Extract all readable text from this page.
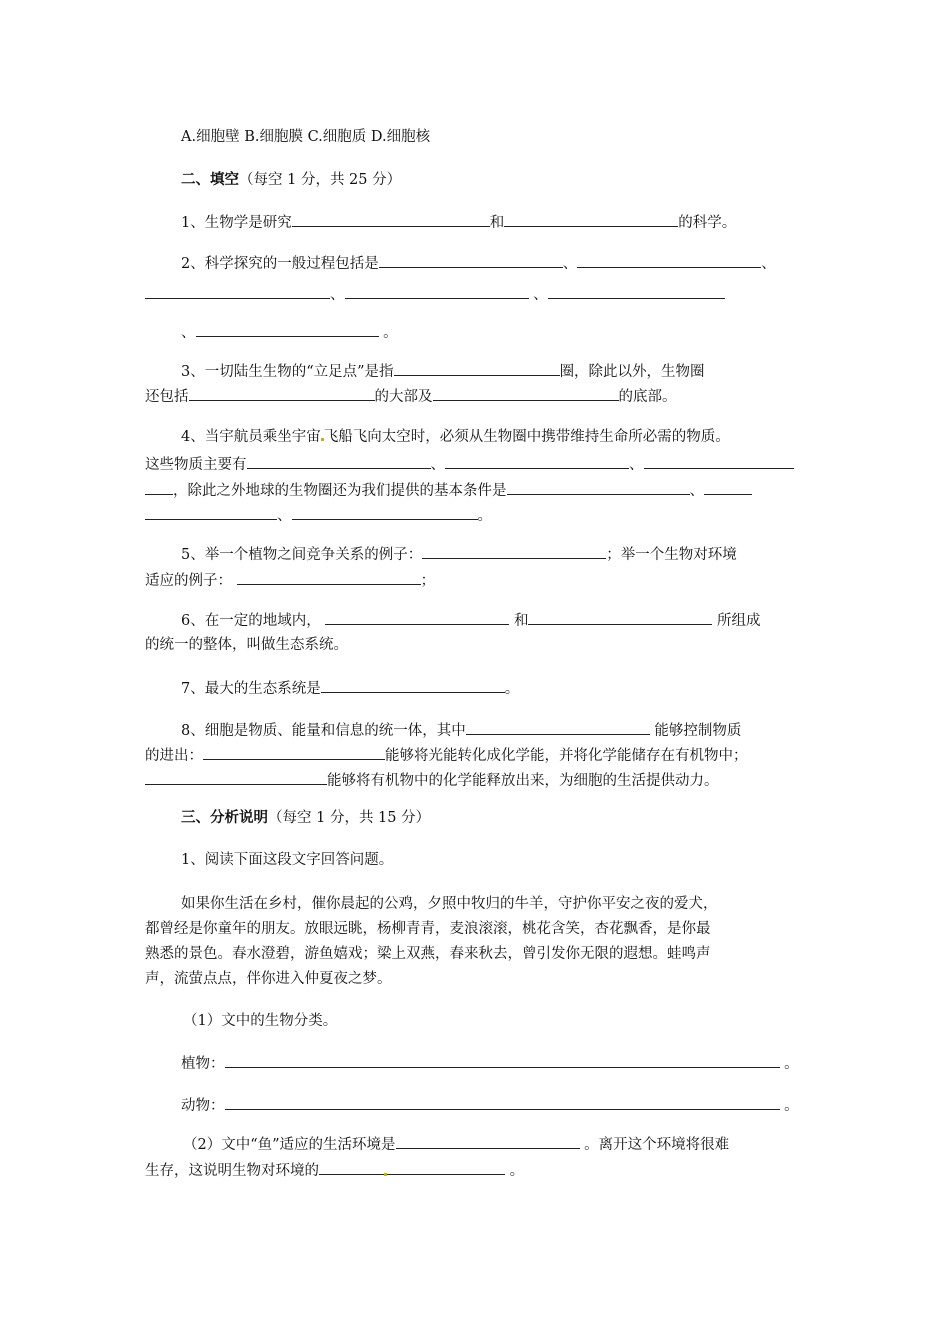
A.细胞壁 B.细胞膜 C.细胞质 D.细胞核
二、填空（每空 1 分，共 25 分）
1、生物学是研究	和	的科学。
2、科学探究的一般过程包括是	、	、
、	、
、	。
3、一切陆生生物的“立足点”是指	圈，除此以外，生物圈
还包括	的大部及	的底部。
4、当宇航员乘坐宇宙 飞船飞向太空时，必须从生物圈中携带维持生命所必需的物质。
这些物质主要有	、	、
，除此之外地球的生物圈还为我们提供的基本条件是	、
、	。
5、举一个植物之间竞争关系的例子：	；举一个生物对环境
适应的例子：	；
6、在一定的地域内，	和	所组成
的统一的整体，叫做生态系统。
7、最大的生态系统是	。
8、细胞是物质、能量和信息的统一体，其中	能够控制物质
的进出：	能够将光能转化成化学能，并将化学能储存在有机物中；
能够将有机物中的化学能释放出来，为细胞的生活提供动力。
三、分析说明（每空 1 分，共 15 分）
1、阅读下面这段文字回答问题。
如果你生活在乡村，催你晨起的公鸡，夕照中牧归的牛羊，守护你平安之夜的爱犬，
都曾经是你童年的朋友。放眼远眺，杨柳青青，麦浪滚滚，桃花含笑，杏花飘香，是你最
熟悉的景色。春水澄碧，游鱼嬉戏；梁上双燕，春来秋去，曾引发你无限的遐想。蛙鸣声
声，流萤点点，伴你进入仲夏夜之梦。
（1）文中的生物分类。
植物：	。
动物：	。
（2）文中“鱼”适应的生活环境是	。离开这个环境将很难
生存，这说明生物对环境的	。
